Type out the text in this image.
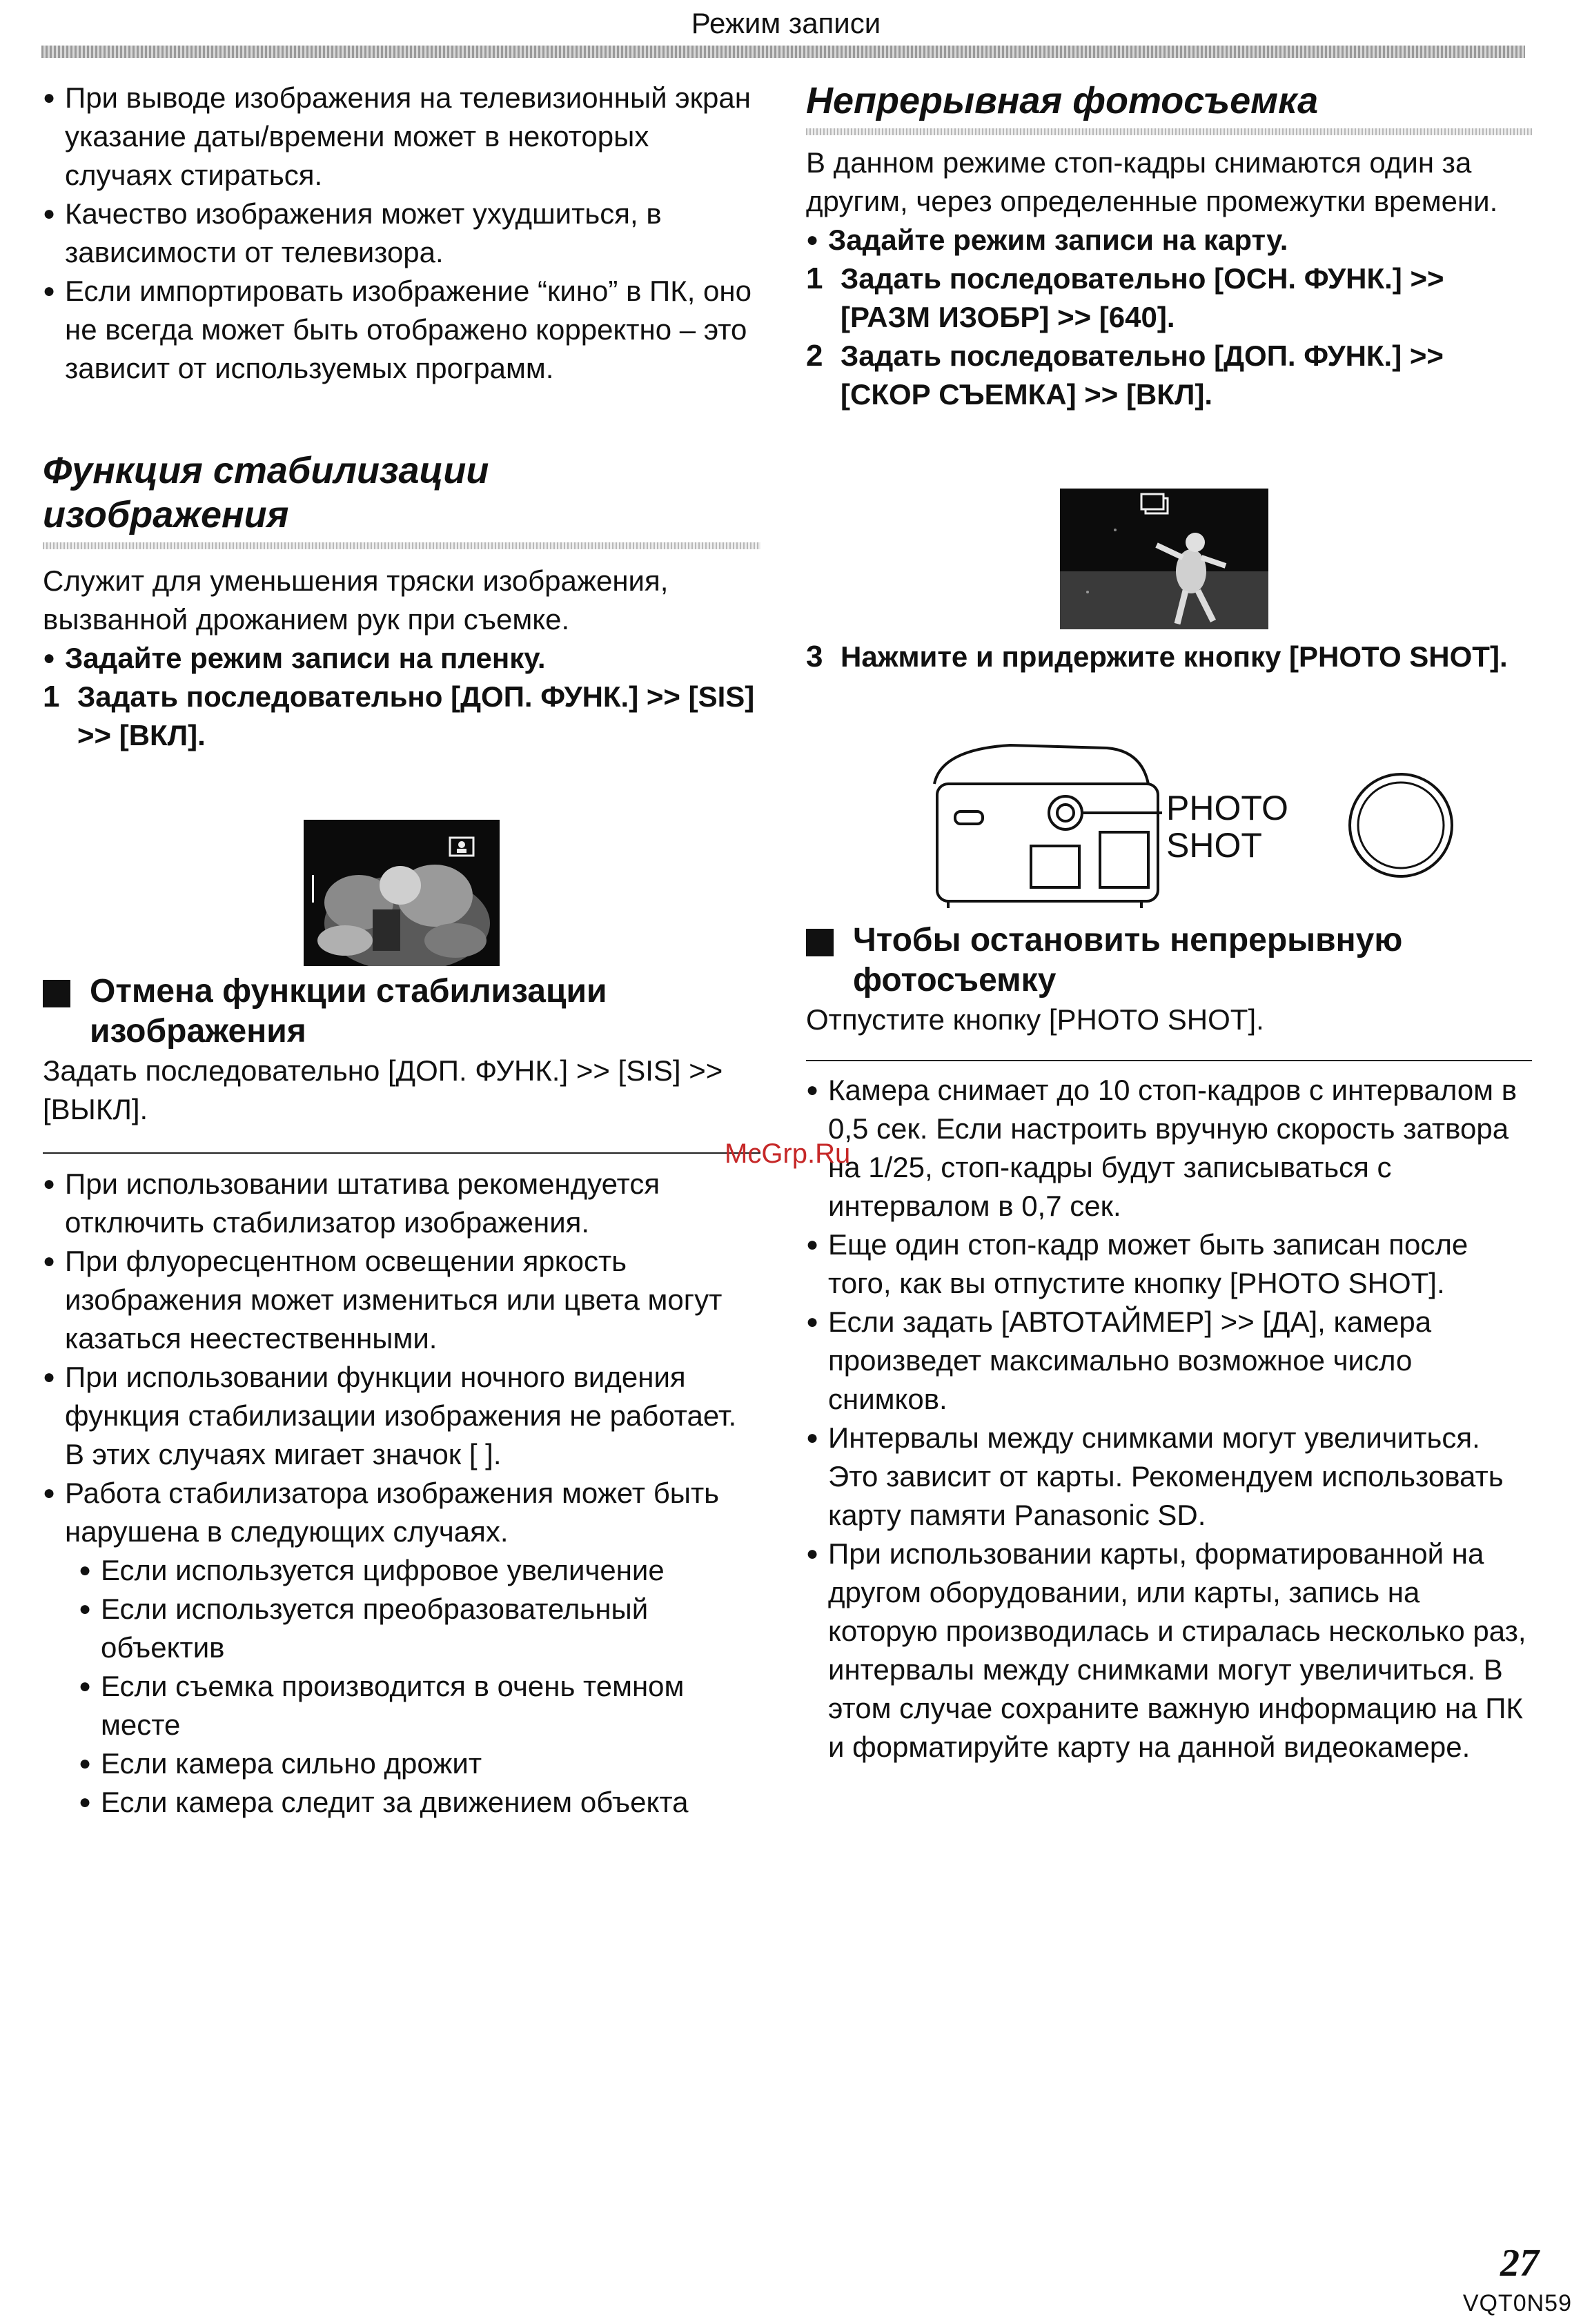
Режим записи
● При выводе изображения на телевизионный экран указание даты/времени может в некоторых случаях стираться.
● Качество изображения может ухудшиться, в зависимости от телевизора.
● Если импортировать изображение “кино” в ПК, оно не всегда может быть отображено корректно – это зависит от используемых программ.
Функция стабилизации
изображения

Служит для уменьшения тряски изображения, вызванной дрожанием рук при съемке.

● Задайте режим записи на пленку.
1 Задать последовательно [ДОП. ФУНК.] >> [SIS] >> [ВКЛ].
Отмена функции стабилизации изображения

Задать последовательно [ДОП. ФУНК.] >> [SIS] >> [ВЫКЛ].

● При использовании штатива рекомендуется отключить стабилизатор изображения.
● При флуоресцентном освещении яркость изображения может измениться или цвета могут казаться неестественными.
● При использовании функции ночного видения функция стабилизации изображения не работает. В этих случаях мигает значок [ ].
● Работа стабилизатора изображения может быть нарушена в следующих случаях.
● Если используется цифровое увеличение
● Если используется преобразовательный объектив
● Если съемка производится в очень темном месте
● Если камера сильно дрожит
● Если камера следит за движением объекта
Непрерывная фотосъемка

В данном режиме стоп-кадры снимаются один за другим, через определенные промежутки времени.

● Задайте режим записи на карту.
1 Задать последовательно [ОСН. ФУНК.] >> [РАЗМ ИЗОБР] >> [640].
2 Задать последовательно [ДОП. ФУНК.] >> [СКОР СЪЕМКА] >> [ВКЛ].
3 Нажмите и придержите кнопку [PHOTO SHOT].
PHOTO
SHOT
Чтобы остановить непрерывную фотосъемку

Отпустите кнопку [PHOTO SHOT].

● Камера снимает до 10 стоп-кадров с интервалом в 0,5 сек. Если настроить вручную скорость затвора на 1/25, стоп-кадры будут записываться с интервалом в 0,7 сек.
● Еще один стоп-кадр может быть записан после того, как вы отпустите кнопку [PHOTO SHOT].
● Если задать [АВТОТАЙМЕР] >> [ДА], камера произведет максимально возможное число снимков.
● Интервалы между снимками могут увеличиться. Это зависит от карты. Рекомендуем использовать карту памяти Panasonic SD.
● При использовании карты, форматированной на другом оборудовании, или карты, запись на которую производилась и стиралась несколько раз, интервалы между снимками могут увеличиться. В этом случае сохраните важную информацию на ПК и форматируйте карту на данной видеокамере.
McGrp.Ru
27
VQT0N59
